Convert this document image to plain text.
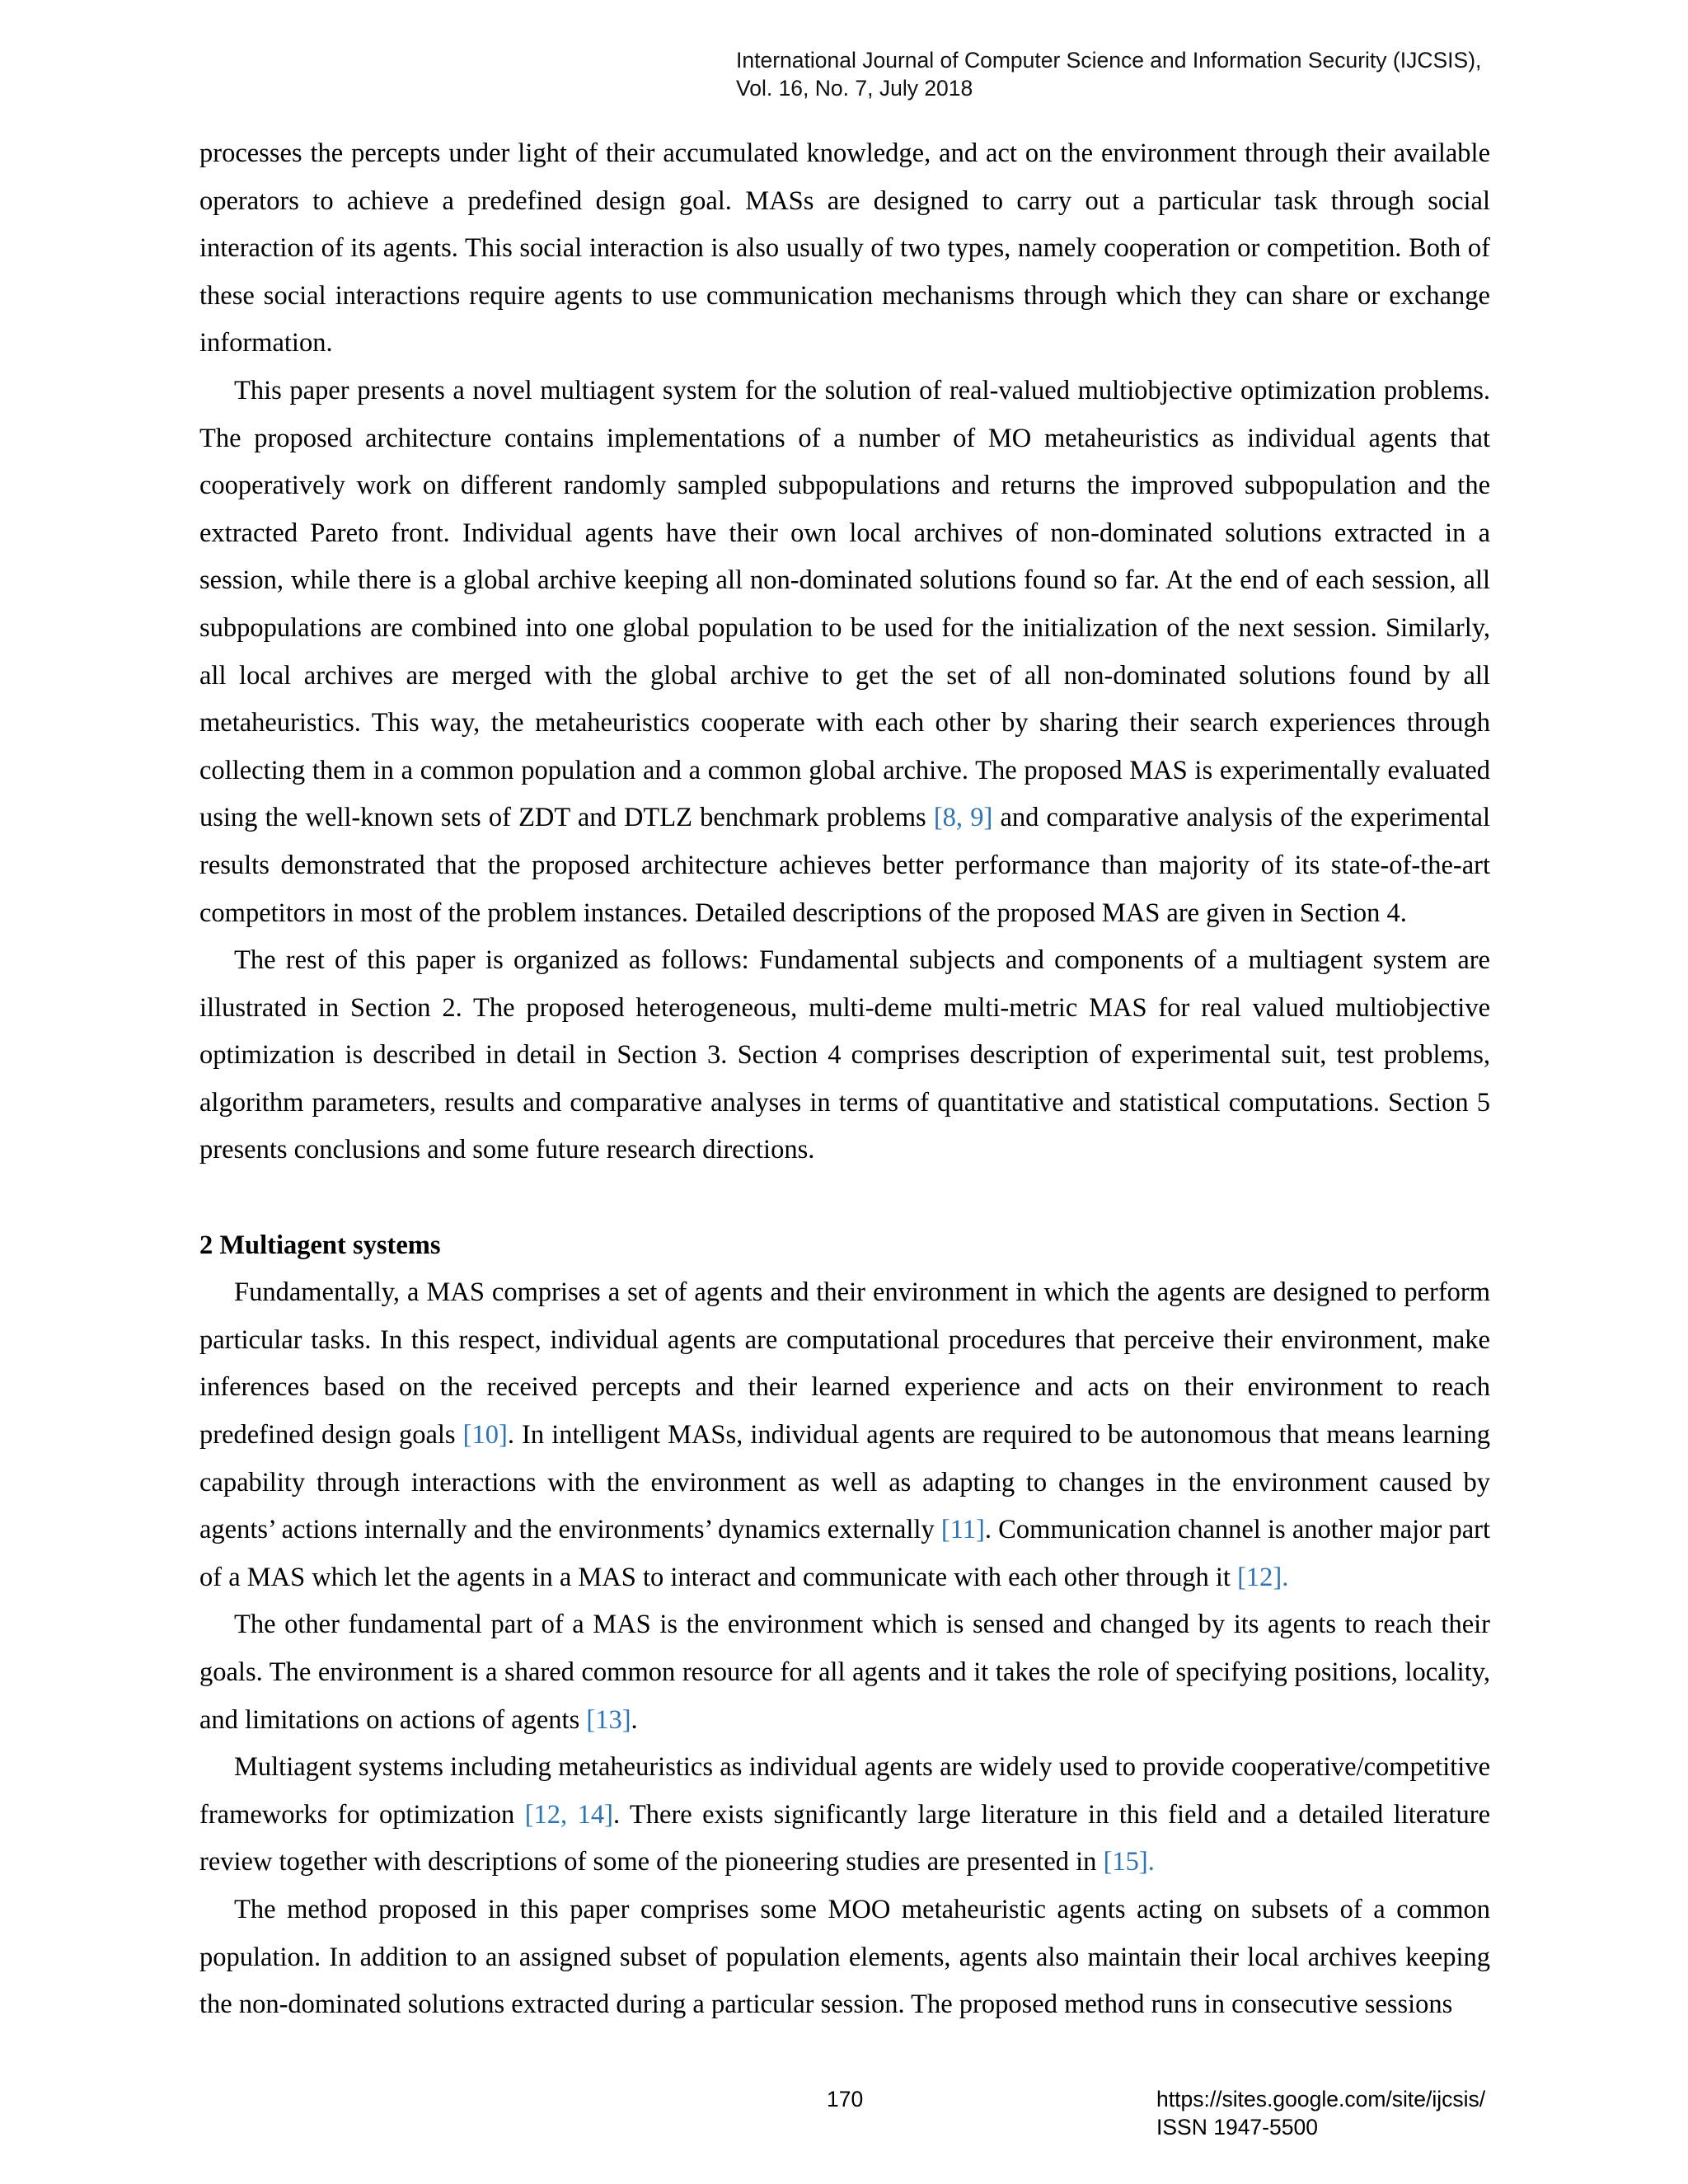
International Journal of Computer Science and Information Security (IJCSIS),
Vol. 16, No. 7, July 2018

processes the percepts under light of their accumulated knowledge, and act on the environment through their available operators to achieve a predefined design goal. MASs are designed to carry out a particular task through social interaction of its agents. This social interaction is also usually of two types, namely cooperation or competition. Both of these social interactions require agents to use communication mechanisms through which they can share or exchange information.

This paper presents a novel multiagent system for the solution of real-valued multiobjective optimization problems. The proposed architecture contains implementations of a number of MO metaheuristics as individual agents that cooperatively work on different randomly sampled subpopulations and returns the improved subpopulation and the extracted Pareto front. Individual agents have their own local archives of non-dominated solutions extracted in a session, while there is a global archive keeping all non-dominated solutions found so far. At the end of each session, all subpopulations are combined into one global population to be used for the initialization of the next session. Similarly, all local archives are merged with the global archive to get the set of all non-dominated solutions found by all metaheuristics. This way, the metaheuristics cooperate with each other by sharing their search experiences through collecting them in a common population and a common global archive. The proposed MAS is experimentally evaluated using the well-known sets of ZDT and DTLZ benchmark problems [8, 9] and comparative analysis of the experimental results demonstrated that the proposed architecture achieves better performance than majority of its state-of-the-art competitors in most of the problem instances. Detailed descriptions of the proposed MAS are given in Section 4.

The rest of this paper is organized as follows: Fundamental subjects and components of a multiagent system are illustrated in Section 2. The proposed heterogeneous, multi-deme multi-metric MAS for real valued multiobjective optimization is described in detail in Section 3. Section 4 comprises description of experimental suit, test problems, algorithm parameters, results and comparative analyses in terms of quantitative and statistical computations. Section 5 presents conclusions and some future research directions.

2 Multiagent systems

Fundamentally, a MAS comprises a set of agents and their environment in which the agents are designed to perform particular tasks. In this respect, individual agents are computational procedures that perceive their environment, make inferences based on the received percepts and their learned experience and acts on their environment to reach predefined design goals [10]. In intelligent MASs, individual agents are required to be autonomous that means learning capability through interactions with the environment as well as adapting to changes in the environment caused by agents’ actions internally and the environments’ dynamics externally [11]. Communication channel is another major part of a MAS which let the agents in a MAS to interact and communicate with each other through it [12].

The other fundamental part of a MAS is the environment which is sensed and changed by its agents to reach their goals. The environment is a shared common resource for all agents and it takes the role of specifying positions, locality, and limitations on actions of agents [13].

Multiagent systems including metaheuristics as individual agents are widely used to provide cooperative/competitive frameworks for optimization [12, 14]. There exists significantly large literature in this field and a detailed literature review together with descriptions of some of the pioneering studies are presented in [15].

The method proposed in this paper comprises some MOO metaheuristic agents acting on subsets of a common population. In addition to an assigned subset of population elements, agents also maintain their local archives keeping the non-dominated solutions extracted during a particular session. The proposed method runs in consecutive sessions

170	https://sites.google.com/site/ijcsis/
ISSN 1947-5500
